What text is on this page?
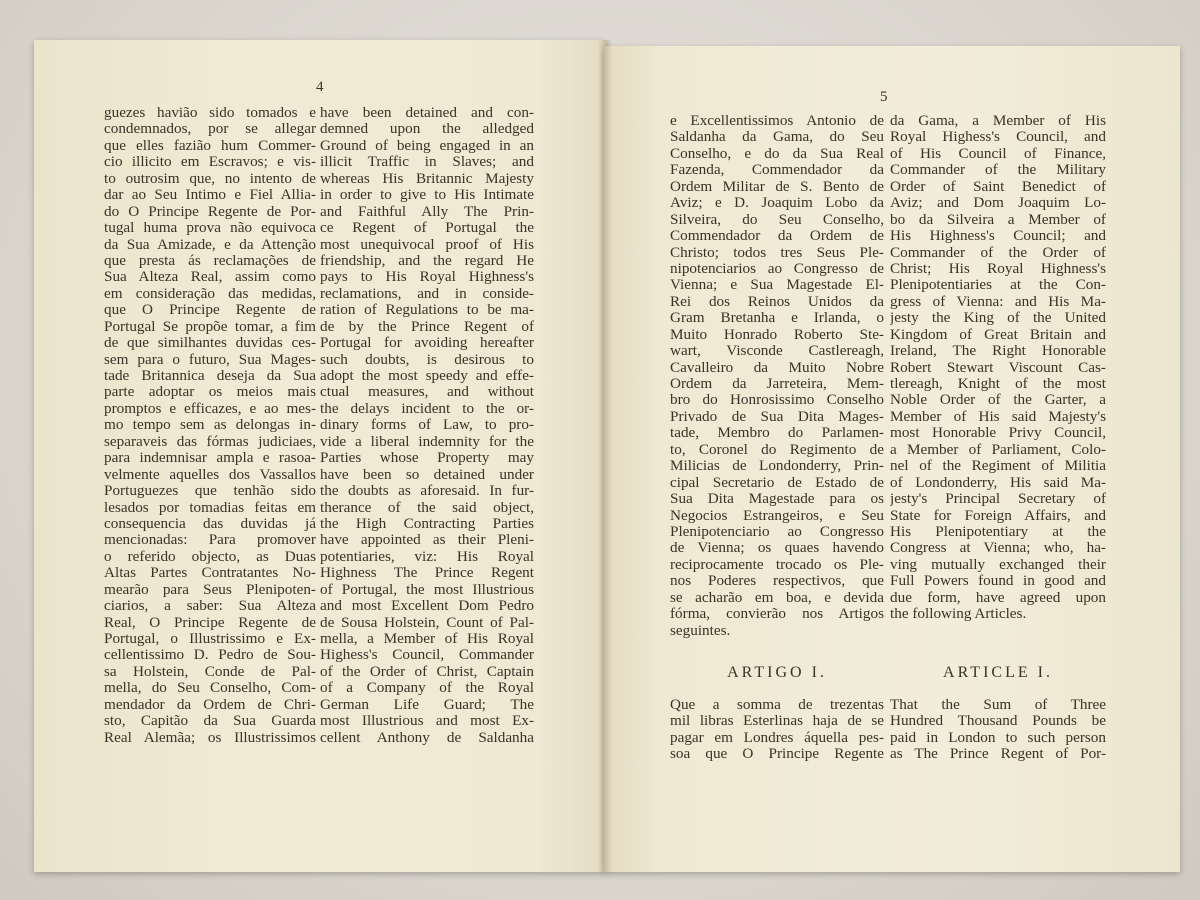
4
5
guezes havião sido tomados e
condemnados, por se allegar
que elles fazião hum Commer-
cio illicito em Escravos; e vis-
to outrosim que, no intento de
dar ao Seu Intimo e Fiel Allia-
do O Principe Regente de Por-
tugal huma prova não equivoca
da Sua Amizade, e da Attenção
que presta ás reclamações de
Sua Alteza Real, assim como
em consideração das medidas,
que O Principe Regente de
Portugal Se propõe tomar, a fim
de que similhantes duvidas ces-
sem para o futuro, Sua Mages-
tade Britannica deseja da Sua
parte adoptar os meios mais
promptos e efficazes, e ao mes-
mo tempo sem as delongas in-
separaveis das fórmas judiciaes,
para indemnisar ampla e rasoa-
velmente aquelles dos Vassallos
Portuguezes que tenhão sido
lesados por tomadias feitas em
consequencia das duvidas já
mencionadas: Para promover
o referido objecto, as Duas
Altas Partes Contratantes No-
mearão para Seus Plenipoten-
ciarios, a saber: Sua Alteza
Real, O Principe Regente de
Portugal, o Illustrissimo e Ex-
cellentissimo D. Pedro de Sou-
sa Holstein, Conde de Pal-
mella, do Seu Conselho, Com-
mendador da Ordem de Chri-
sto, Capitão da Sua Guarda
Real Alemãa; os Illustrissimos
have been detained and con-
demned upon the alledged
Ground of being engaged in an
illicit Traffic in Slaves; and
whereas His Britannic Majesty
in order to give to His Intimate
and Faithful Ally The Prin-
ce Regent of Portugal the
most unequivocal proof of His
friendship, and the regard He
pays to His Royal Highness's
reclamations, and in conside-
ration of Regulations to be ma-
de by the Prince Regent of
Portugal for avoiding hereafter
such doubts, is desirous to
adopt the most speedy and effe-
ctual measures, and without
the delays incident to the or-
dinary forms of Law, to pro-
vide a liberal indemnity for the
Parties whose Property may
have been so detained under
the doubts as aforesaid. In fur-
therance of the said object,
the High Contracting Parties
have appointed as their Pleni-
potentiaries, viz: His Royal
Highness The Prince Regent
of Portugal, the most Illustrious
and most Excellent Dom Pedro
de Sousa Holstein, Count of Pal-
mella, a Member of His Royal
Highess's Council, Commander
of the Order of Christ, Captain
of a Company of the Royal
German Life Guard; The
most Illustrious and most Ex-
cellent Anthony de Saldanha
e Excellentissimos Antonio de
Saldanha da Gama, do Seu
Conselho, e do da Sua Real
Fazenda, Commendador da
Ordem Militar de S. Bento de
Aviz; e D. Joaquim Lobo da
Silveira, do Seu Conselho,
Commendador da Ordem de
Christo; todos tres Seus Ple-
nipotenciarios ao Congresso de
Vienna; e Sua Magestade El-
Rei dos Reinos Unidos da
Gram Bretanha e Irlanda, o
Muito Honrado Roberto Ste-
wart, Visconde Castlereagh,
Cavalleiro da Muito Nobre
Ordem da Jarreteira, Mem-
bro do Honrosissimo Conselho
Privado de Sua Dita Mages-
tade, Membro do Parlamen-
to, Coronel do Regimento de
Milicias de Londonderry, Prin-
cipal Secretario de Estado de
Sua Dita Magestade para os
Negocios Estrangeiros, e Seu
Plenipotenciario ao Congresso
de Vienna; os quaes havendo
reciprocamente trocado os Ple-
nos Poderes respectivos, que
se acharão em boa, e devida
fórma, convierão nos Artigos
seguintes.
da Gama, a Member of His
Royal Highess's Council, and
of His Council of Finance,
Commander of the Military
Order of Saint Benedict of
Aviz; and Dom Joaquim Lo-
bo da Silveira a Member of
His Highness's Council; and
Commander of the Order of
Christ; His Royal Highness's
Plenipotentiaries at the Con-
gress of Vienna: and His Ma-
jesty the King of the United
Kingdom of Great Britain and
Ireland, The Right Honorable
Robert Stewart Viscount Cas-
tlereagh, Knight of the most
Noble Order of the Garter, a
Member of His said Majesty's
most Honorable Privy Council,
a Member of Parliament, Colo-
nel of the Regiment of Militia
of Londonderry, His said Ma-
jesty's Principal Secretary of
State for Foreign Affairs, and
His Plenipotentiary at the
Congress at Vienna; who, ha-
ving mutually exchanged their
Full Powers found in good and
due form, have agreed upon
the following Articles.
ARTIGO I.	ARTICLE I.
Que a somma de trezentas
mil libras Esterlinas haja de se
pagar em Londres áquella pes-
soa que O Principe Regente
That the Sum of Three
Hundred Thousand Pounds be
paid in London to such person
as The Prince Regent of Por-
